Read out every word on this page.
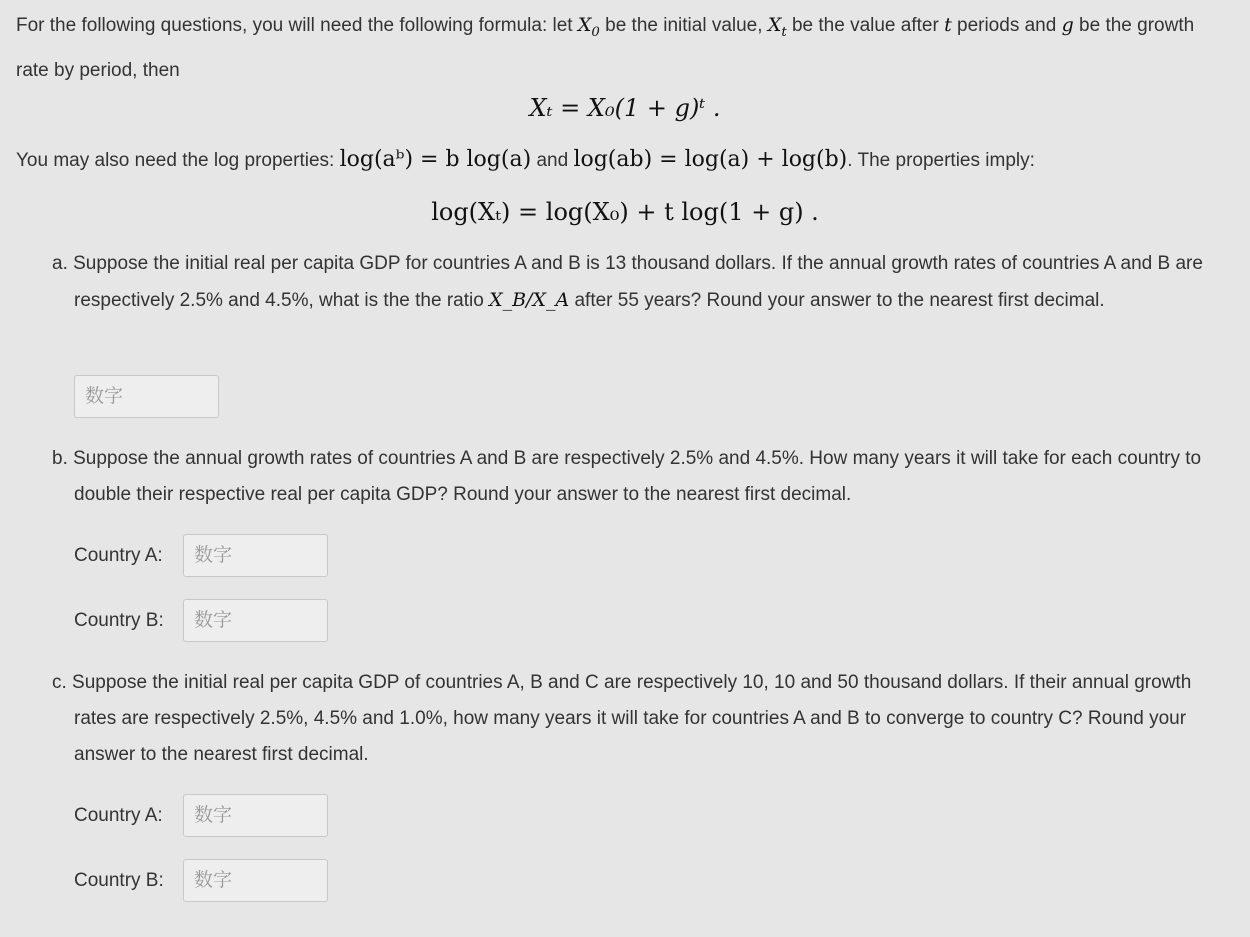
For the following questions, you will need the following formula: let $X_0$ be the initial value, $X_t$ be the value after t periods and g be the growth rate by period, then
Xₜ = X₀(1 + g)ᵗ .
You may also need the log properties: log(aᵇ) = b log(a) and log(ab) = log(a) + log(b). The properties imply:
log(Xₜ) = log(X₀) + t log(1 + g) .
a. Suppose the initial real per capita GDP for countries A and B is 13 thousand dollars. If the annual growth rates of countries A and B are respectively 2.5% and 4.5%, what is the the ratio X_B/X_A after 55 years? Round your answer to the nearest first decimal.
数字
b. Suppose the annual growth rates of countries A and B are respectively 2.5% and 4.5%. How many years it will take for each country to double their respective real per capita GDP? Round your answer to the nearest first decimal.
Country A:	数字
Country B:	数字
c. Suppose the initial real per capita GDP of countries A, B and C are respectively 10, 10 and 50 thousand dollars. If their annual growth rates are respectively 2.5%, 4.5% and 1.0%, how many years it will take for countries A and B to converge to country C? Round your answer to the nearest first decimal.
Country A:	数字
Country B:	数字
